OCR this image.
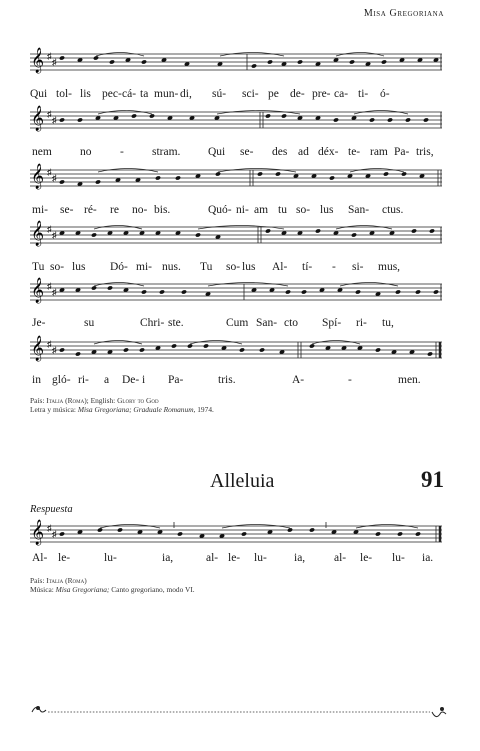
Misa Gregoriana
𝄞 ♯
♯
Qui tol- lis pec- cá- ta mun- di, sú- sci- pe de- pre- ca- ti- ó-
𝄞 ♯
♯
nem no - stram. Qui se- des ad déx- te- ram Pa- tris,
𝄞 ♯
♯
mi- se- ré- re no- bis.	Quó- ni- am tu so- lus San- ctus.
𝄞 ♯
♯
Tu so- lus Dó- mi- nus. Tu so- lus Al- tí- - si- mus,
𝄞 ♯
♯
Je-	su	Chri- ste.	Cum San- cto Spí- ri- tu,
𝄞 ♯
♯
in gló- ri- a De- i Pa-	tris.	A-	-	men.
País: Italia (Roma); English: Glory to God
Letra y música: Misa Gregoriana; Graduale Romanum, 1974.
Alleluia	91
Respuesta
𝄞 ♯
♯
Al- le-	lu-	ia,	al- le- lu- ia,	al- le- lu- ia.
País: Italia (Roma)
Música: Misa Gregoriana; Canto gregoriano, modo VI.
